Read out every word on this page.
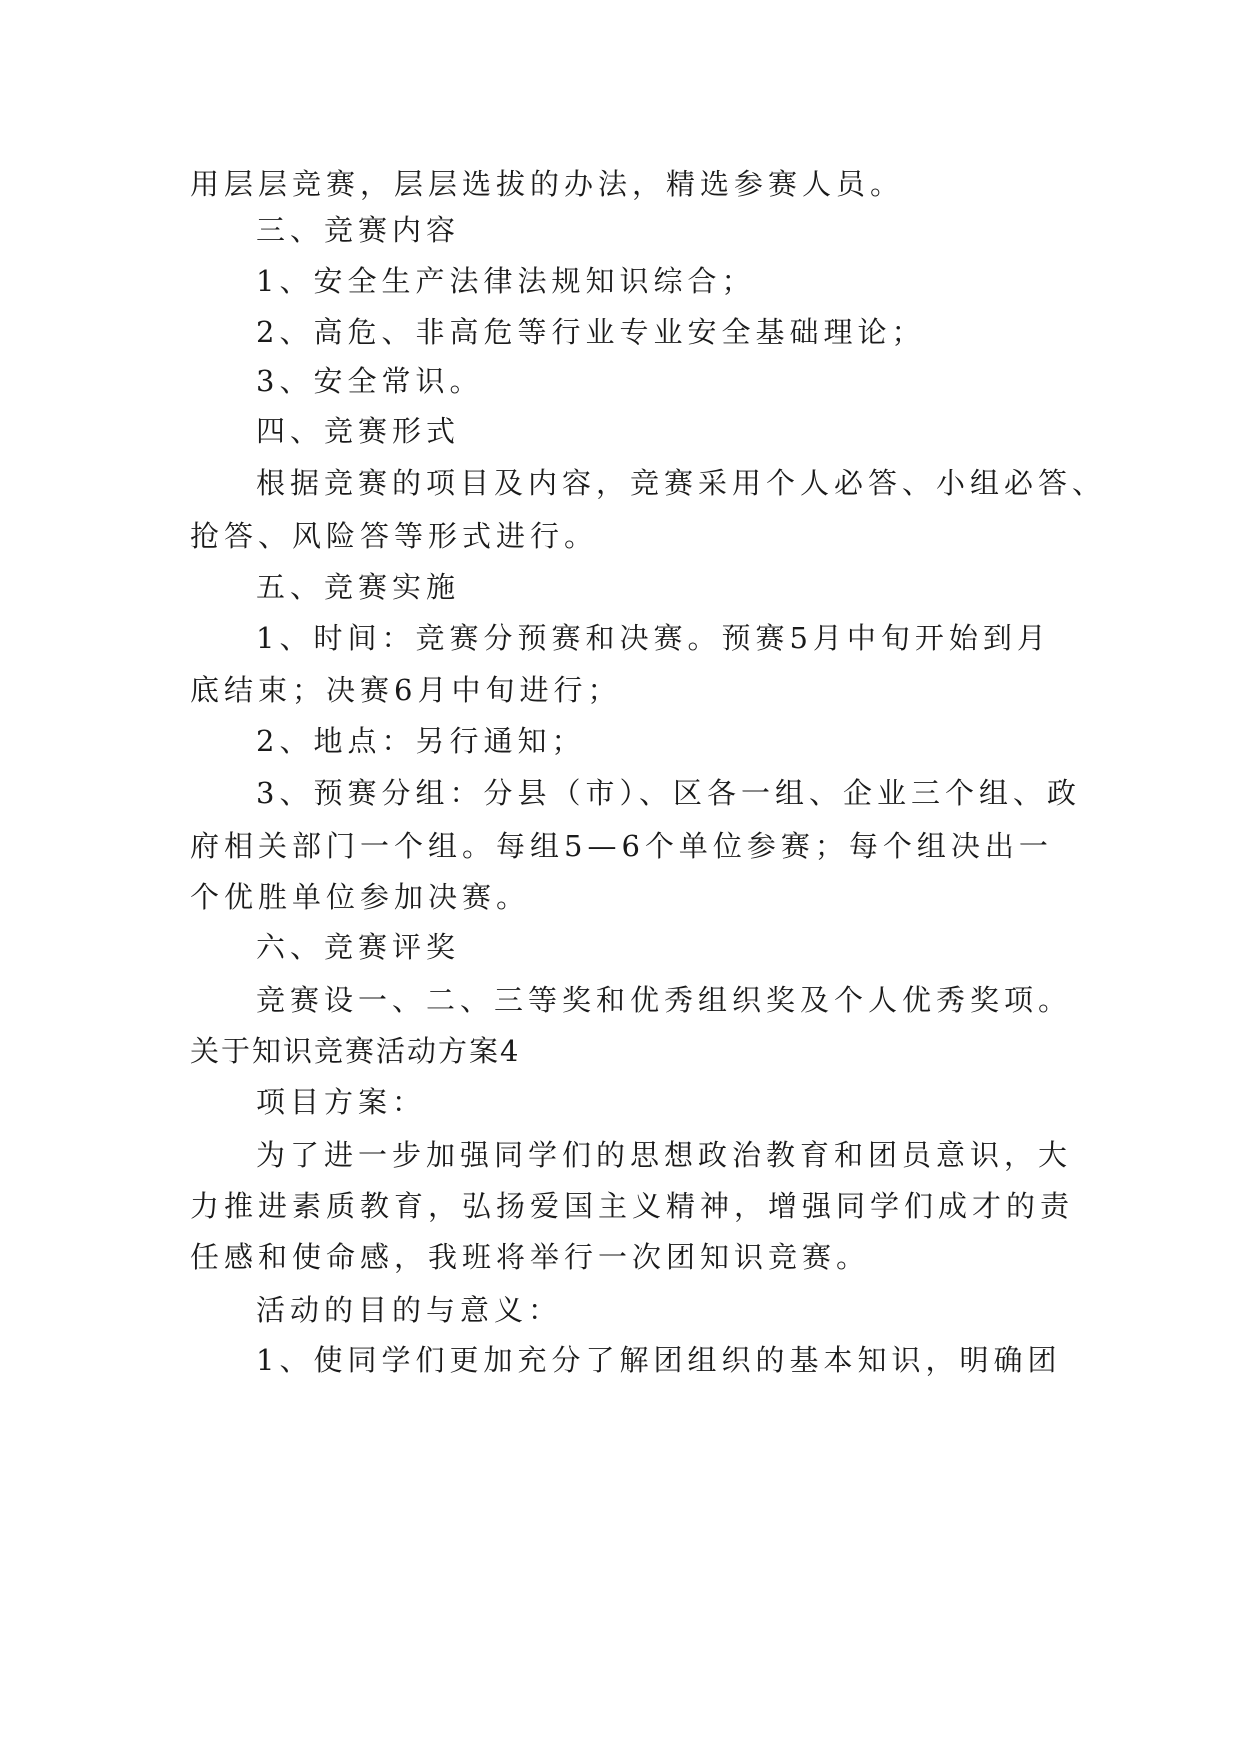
用层层竞赛，层层选拔的办法，精选参赛人员。
三、竞赛内容
1、安全生产法律法规知识综合；
2、高危、非高危等行业专业安全基础理论；
3、安全常识。
四、竞赛形式
根据竞赛的项目及内容，竞赛采用个人必答、小组必答、
抢答、风险答等形式进行。
五、竞赛实施
1、时间：竞赛分预赛和决赛。预赛5月中旬开始到月
底结束；决赛6月中旬进行；
2、地点：另行通知；
3、预赛分组：分县（市）、区各一组、企业三个组、政
府相关部门一个组。每组5—6个单位参赛；每个组决出一
个优胜单位参加决赛。
六、竞赛评奖
竞赛设一、二、三等奖和优秀组织奖及个人优秀奖项。
关于知识竞赛活动方案4
项目方案：
为了进一步加强同学们的思想政治教育和团员意识，大
力推进素质教育，弘扬爱国主义精神，增强同学们成才的责
任感和使命感，我班将举行一次团知识竞赛。
活动的目的与意义：
1、使同学们更加充分了解团组织的基本知识，明确团
